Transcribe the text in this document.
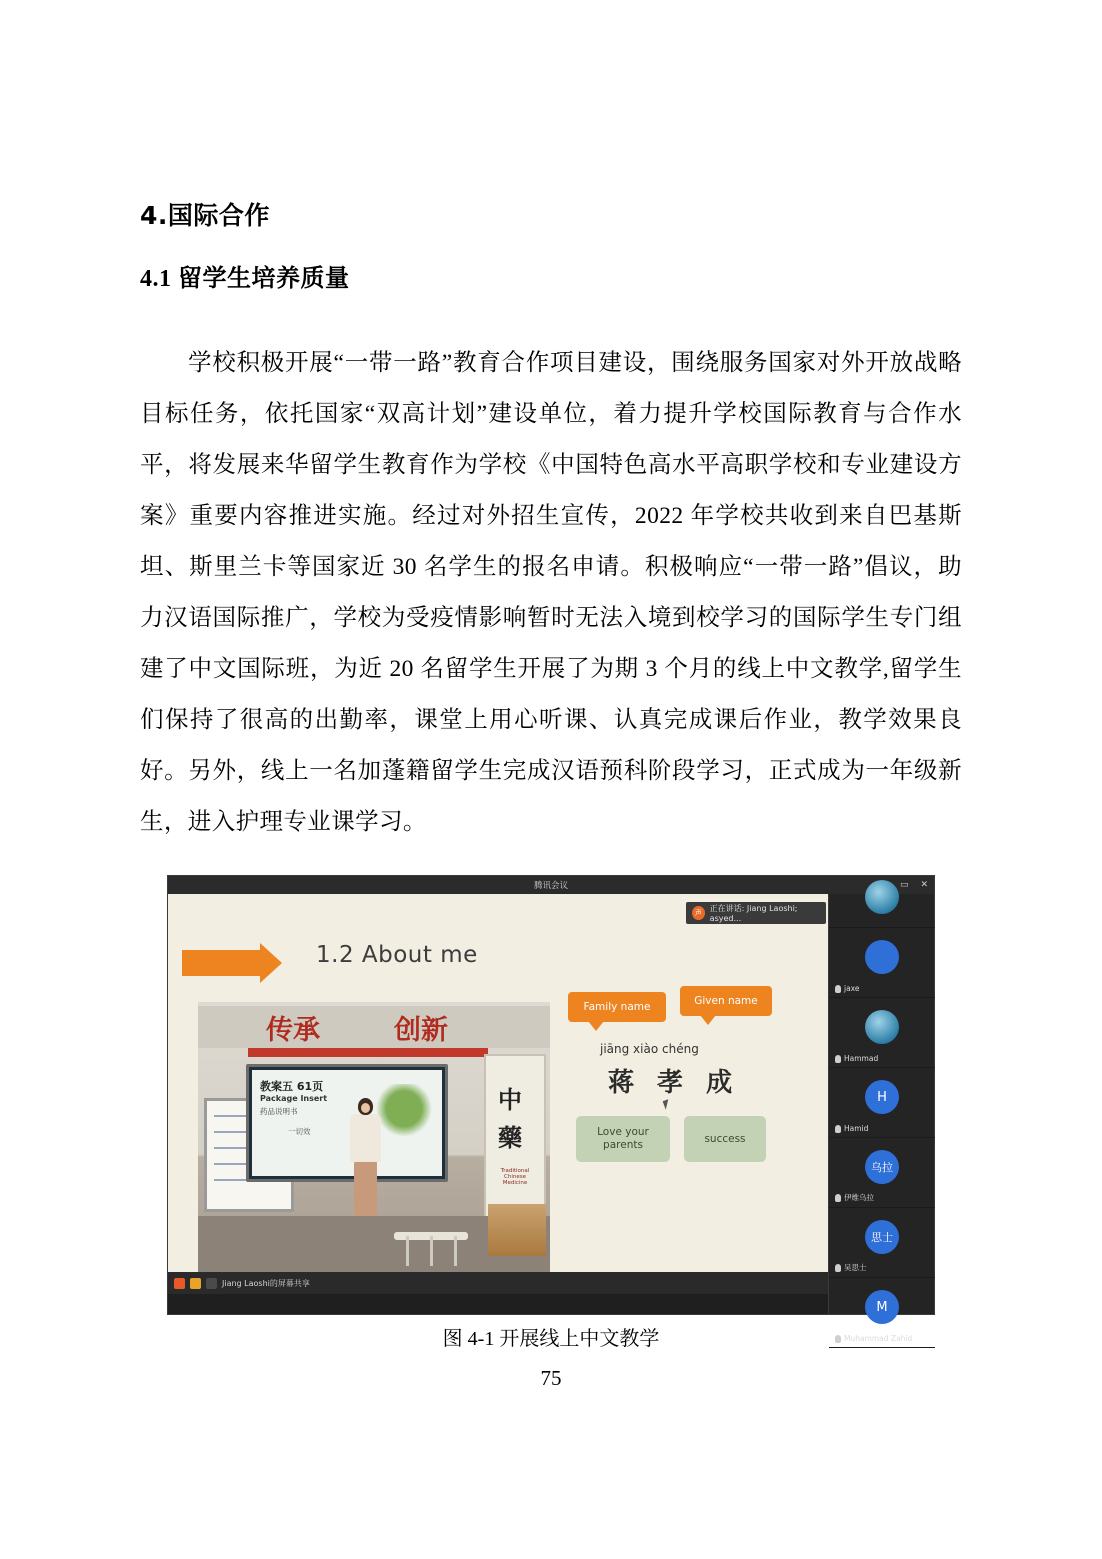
4.国际合作
4.1 留学生培养质量

学校积极开展“一带一路”教育合作项目建设，围绕服务国家对外开放战略目标任务，依托国家“双高计划”建设单位，着力提升学校国际教育与合作水平，将发展来华留学生教育作为学校《中国特色高水平高职学校和专业建设方案》重要内容推进实施。经过对外招生宣传，2022 年学校共收到来自巴基斯坦、斯里兰卡等国家近 30 名学生的报名申请。积极响应“一带一路”倡议，助力汉语国际推广，学校为受疫情影响暂时无法入境到校学习的国际学生专门组建了中文国际班，为近 20 名留学生开展了为期 3 个月的线上中文教学,留学生们保持了很高的出勤率，课堂上用心听课、认真完成课后作业，教学效果良好。另外，线上一名加蓬籍留学生完成汉语预科阶段学习，正式成为一年级新生，进入护理专业课学习。

腾讯会议	▭ ✕
1.2 About me
传承	创新
教案五 61页
Package Insert
药品说明书
一切效
中
藥
Traditional Chinese Medicine
Family name	Given name
jiāng xiào chéng
蒋 孝 成
Love your parents
success
Jiang Laoshi的屏幕共享
声 正在讲话: Jiang Laoshi; asyed...
jaxe
Hammad
H
Hamid
乌拉
伊维乌拉
思士
吴思士
M
Muhammad Zahid
图 4-1 开展线上中文教学
75
